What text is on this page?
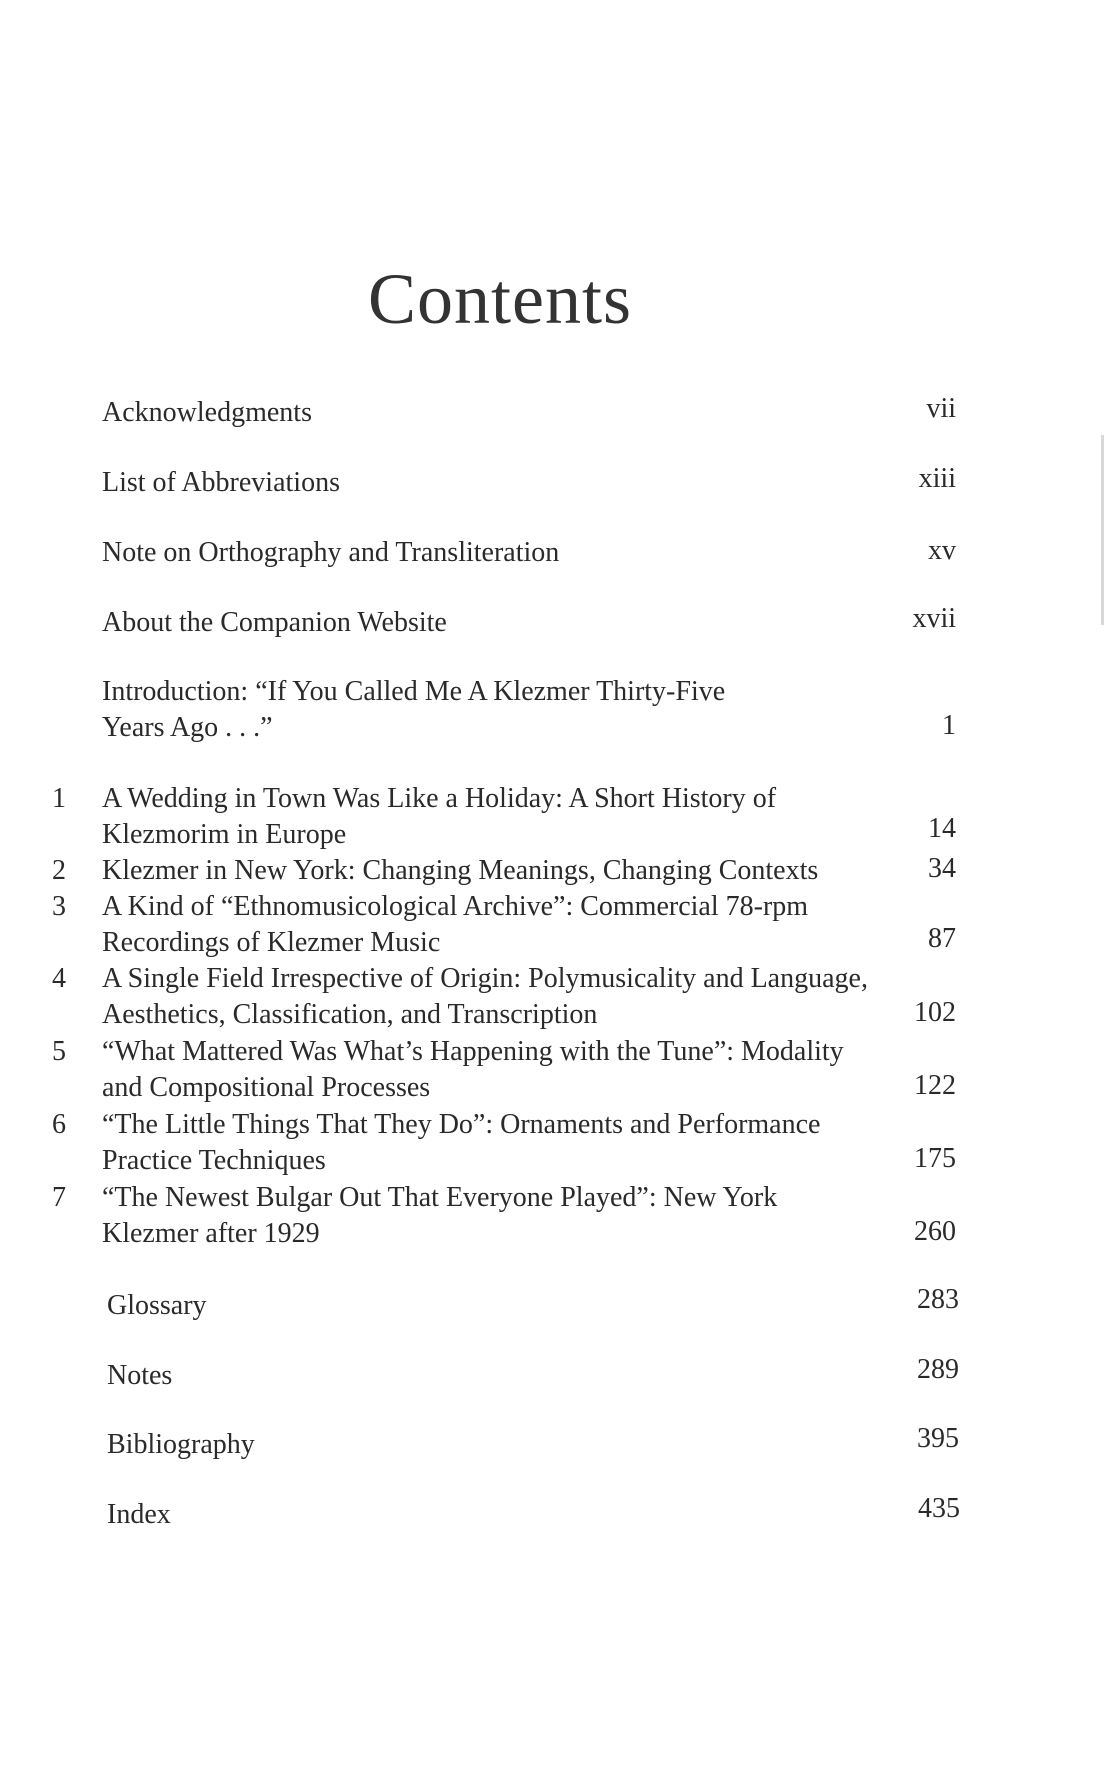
Contents
Acknowledgments	vii
List of Abbreviations	xiii
Note on Orthography and Transliteration	xv
About the Companion Website	xvii
Introduction: “If You Called Me A Klezmer Thirty-Five
Years Ago . . .”	1
1 A Wedding in Town Was Like a Holiday: A Short History of
Klezmorim in Europe	14
2 Klezmer in New York: Changing Meanings, Changing Contexts	34
3 A Kind of “Ethnomusicological Archive”: Commercial 78-rpm
Recordings of Klezmer Music	87
4 A Single Field Irrespective of Origin: Polymusicality and Language,
Aesthetics, Classification, and Transcription	102
5 “What Mattered Was What’s Happening with the Tune”: Modality
and Compositional Processes	122
6 “The Little Things That They Do”: Ornaments and Performance
Practice Techniques	175
7 “The Newest Bulgar Out That Everyone Played”: New York
Klezmer after 1929	260
Glossary	283
Notes	289
Bibliography	395
Index	435
